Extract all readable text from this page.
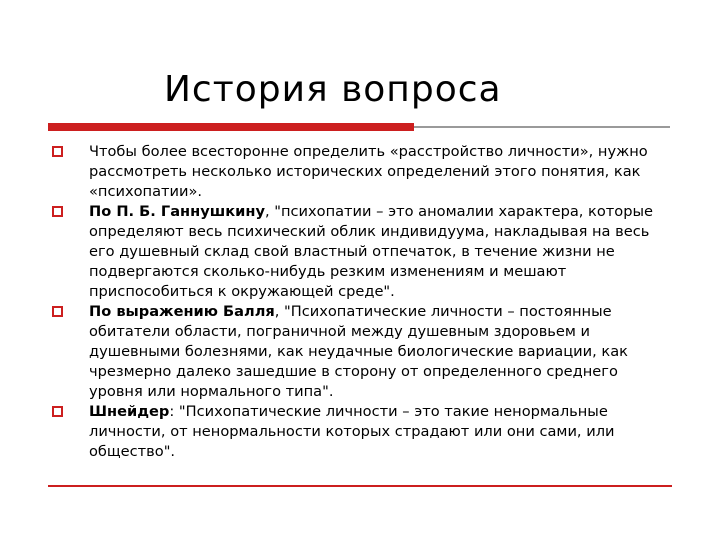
История вопроса
Чтобы более всесторонне определить «расстройство личности», нужно рассмотреть несколько исторических определений этого понятия, как «психопатии».
По П. Б. Ганнушкину, "психопатии – это аномалии характера, которые определяют весь психический облик индивидуума, накладывая на весь его душевный склад свой властный отпечаток, в течение жизни не подвергаются сколько-нибудь резким изменениям и мешают приспособиться к окружающей среде".
По выражению Балля, "Психопатические личности – постоянные обитатели области, пограничной между душевным здоровьем и душевными болезнями, как неудачные биологические вариации, как чрезмерно далеко зашедшие в сторону от определенного среднего уровня или нормального типа".
Шнейдер: "Психопатические личности – это такие ненормальные личности, от ненормальности которых страдают или они сами, или общество".
